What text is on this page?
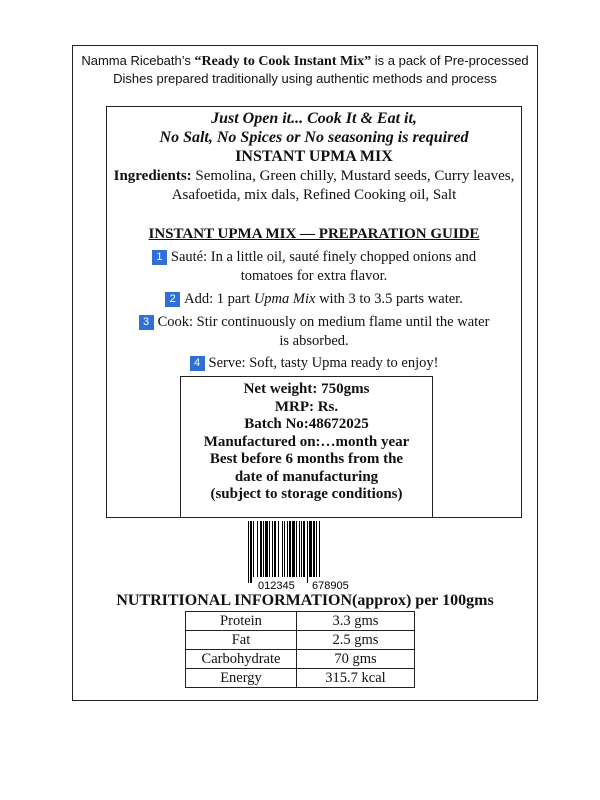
Namma Ricebath’s “Ready to Cook Instant Mix” is a pack of Pre-processed Dishes prepared traditionally using authentic methods and process
Just Open it... Cook It & Eat it,
No Salt, No Spices or No seasoning is required
INSTANT UPMA MIX
Ingredients: Semolina, Green chilly, Mustard seeds, Curry leaves, Asafoetida, mix dals, Refined Cooking oil, Salt
INSTANT UPMA MIX — PREPARATION GUIDE
1 Sauté: In a little oil, sauté finely chopped onions and
tomatoes for extra flavor.
2 Add: 1 part Upma Mix with 3 to 3.5 parts water.
3 Cook: Stir continuously on medium flame until the water
is absorbed.
4 Serve: Soft, tasty Upma ready to enjoy!
Net weight: 750gms
MRP: Rs.
Batch No:48672025
Manufactured on:…month year
Best before 6 months from the
date of manufacturing
(subject to storage conditions)
012345 678905
NUTRITIONAL INFORMATION(approx) per 100gms
Protein	3.3 gms
Fat	2.5 gms
Carbohydrate	70 gms
Energy	315.7 kcal
